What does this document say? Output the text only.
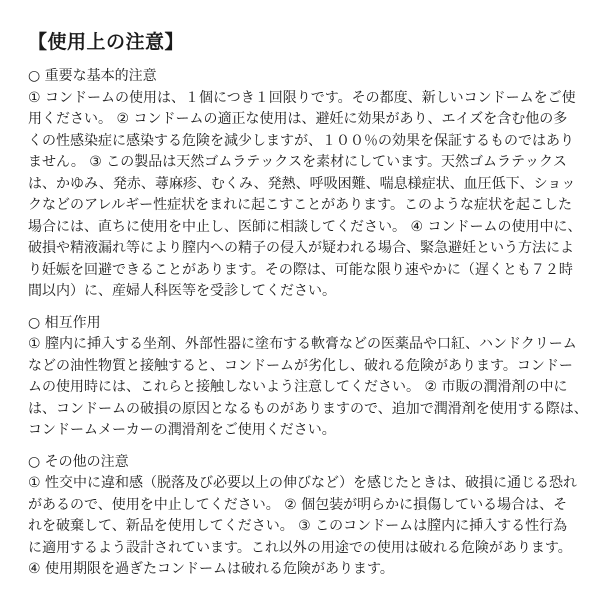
【使用上の注意】
○ 重要な基本的注意
① コンドームの使用は、１個につき１回限りです。その都度、新しいコンドームをご使
用ください。 ② コンドームの適正な使用は、避妊に効果があり、エイズを含む他の多
くの性感染症に感染する危険を減少しますが、１００％の効果を保証するものではあり
ません。 ③ この製品は天然ゴムラテックスを素材にしています。天然ゴムラテックス
は、かゆみ、発赤、蕁麻疹、むくみ、発熱、呼吸困難、喘息様症状、血圧低下、ショッ
クなどのアレルギー性症状をまれに起こすことがあります。このような症状を起こした
場合には、直ちに使用を中止し、医師に相談してください。 ④ コンドームの使用中に、
破損や精液漏れ等により膣内への精子の侵入が疑われる場合、緊急避妊という方法によ
り妊娠を回避できることがあります。その際は、可能な限り速やかに（遅くとも７２時
間以内）に、産婦人科医等を受診してください。
○ 相互作用
① 膣内に挿入する坐剤、外部性器に塗布する軟膏などの医薬品や口紅、ハンドクリーム
などの油性物質と接触すると、コンドームが劣化し、破れる危険があります。コンドー
ムの使用時には、これらと接触しないよう注意してください。 ② 市販の潤滑剤の中に
は、コンドームの破損の原因となるものがありますので、追加で潤滑剤を使用する際は、
コンドームメーカーの潤滑剤をご使用ください。
○ その他の注意
① 性交中に違和感（脱落及び必要以上の伸びなど）を感じたときは、破損に通じる恐れ
があるので、使用を中止してください。 ② 個包装が明らかに損傷している場合は、そ
れを破棄して、新品を使用してください。 ③ このコンドームは膣内に挿入する性行為
に適用するよう設計されています。これ以外の用途での使用は破れる危険があります。
④ 使用期限を過ぎたコンドームは破れる危険があります。
